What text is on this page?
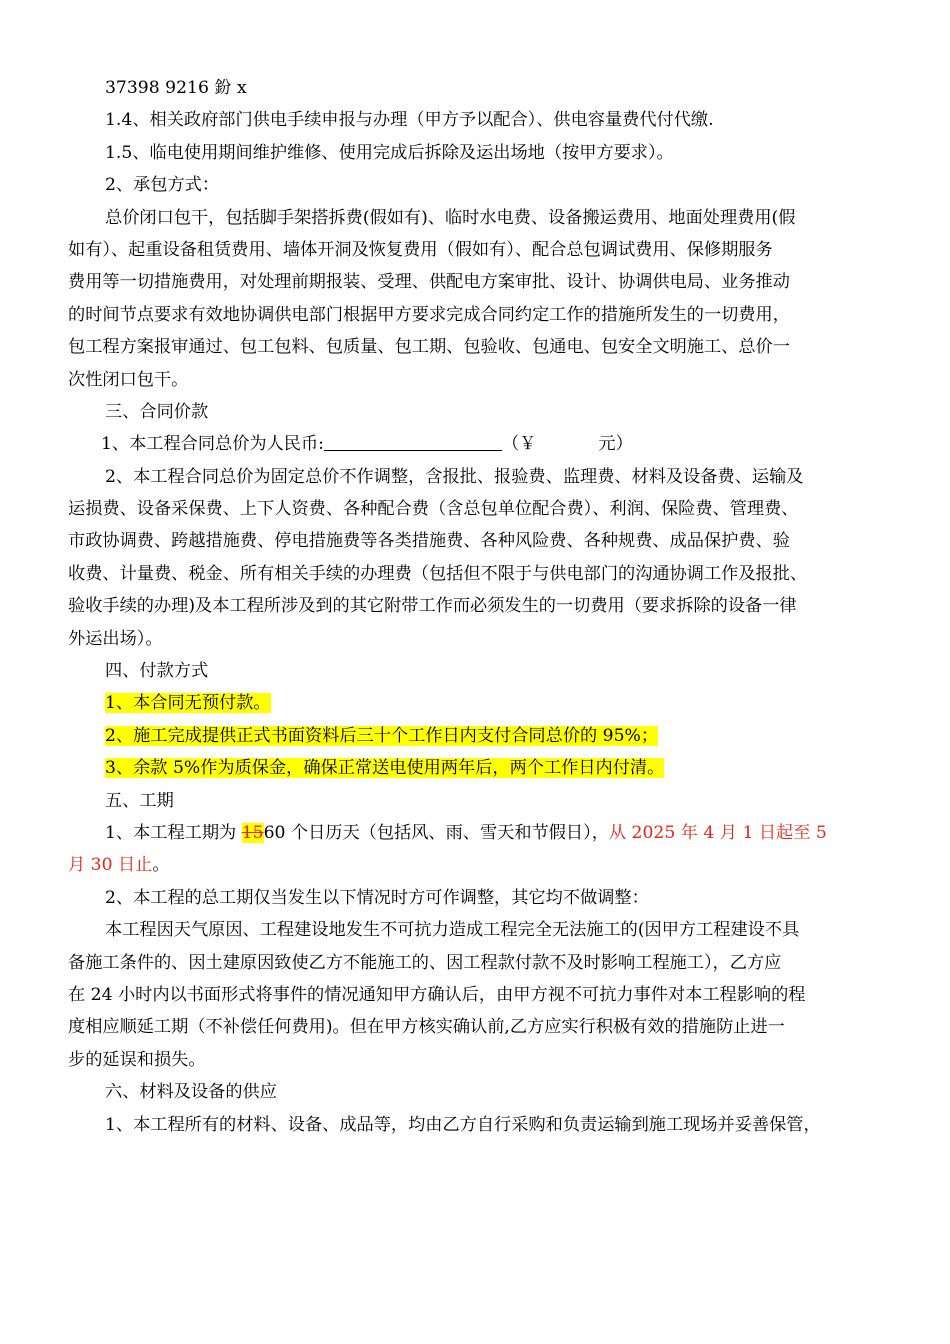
37398 9216 鈖 x
1.4、相关政府部门供电手续申报与办理（甲方予以配合）、供电容量费代付代缴.
1.5、临电使用期间维护维修、使用完成后拆除及运出场地（按甲方要求）。
2、承包方式：
总价闭口包干，包括脚手架搭拆费(假如有)、临时水电费、设备搬运费用、地面处理费用(假
如有）、起重设备租赁费用、墙体开洞及恢复费用（假如有）、配合总包调试费用、保修期服务
费用等一切措施费用，对处理前期报装、受理、供配电方案审批、设计、协调供电局、业务推动
的时间节点要求有效地协调供电部门根据甲方要求完成合同约定工作的措施所发生的一切费用，
包工程方案报审通过、包工包料、包质量、包工期、包验收、包通电、包安全文明施工、总价一
次性闭口包干。
三、合同价款
1、本工程合同总价为人民币:	（￥	元）
2、本工程合同总价为固定总价不作调整，含报批、报验费、监理费、材料及设备费、运输及
运损费、设备采保费、上下人资费、各种配合费（含总包单位配合费）、利润、保险费、管理费、
市政协调费、跨越措施费、停电措施费等各类措施费、各种风险费、各种规费、成品保护费、验
收费、计量费、税金、所有相关手续的办理费（包括但不限于与供电部门的沟通协调工作及报批、
验收手续的办理)及本工程所涉及到的其它附带工作而必须发生的一切费用（要求拆除的设备一律
外运出场）。
四、付款方式
1、本合同无预付款。
2、施工完成提供正式书面资料后三十个工作日内支付合同总价的 95%；
3、余款 5%作为质保金，确保正常送电使用两年后，两个工作日内付清。
五、工期
1、本工程工期为 1560 个日历天（包括风、雨、雪天和节假日），从 2025 年 4 月 1 日起至 5
月 30 日止。
2、本工程的总工期仅当发生以下情况时方可作调整，其它均不做调整：
本工程因天气原因、工程建设地发生不可抗力造成工程完全无法施工的(因甲方工程建设不具
备施工条件的、因土建原因致使乙方不能施工的、因工程款付款不及时影响工程施工），乙方应
在 24 小时内以书面形式将事件的情况通知甲方确认后，由甲方视不可抗力事件对本工程影响的程
度相应顺延工期（不补偿任何费用)。但在甲方核实确认前,乙方应实行积极有效的措施防止进一
步的延误和损失。
六、材料及设备的供应
1、本工程所有的材料、设备、成品等，均由乙方自行采购和负责运输到施工现场并妥善保管，
